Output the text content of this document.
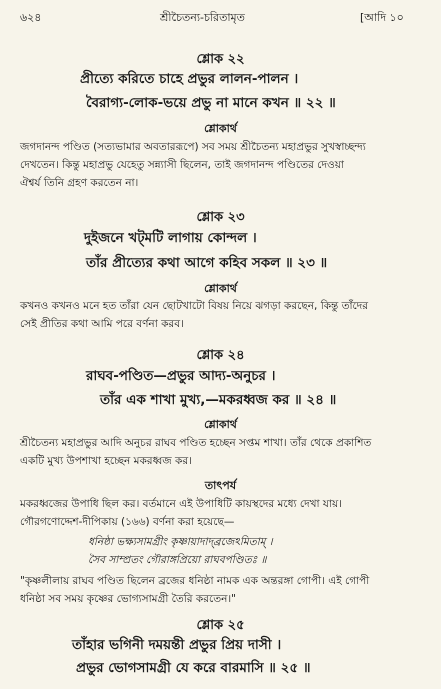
৬২৪	শ্রীচৈতন্য-চরিতামৃত	[আদি ১০
শ্লোক ২২
প্রীত্যে করিতে চাহে প্রভুর লালন-পালন ।
বৈরাগ্য-লোক-ভয়ে প্রভু না মানে কখন ॥ ২২ ॥
শ্লোকার্থ
জগদানন্দ পণ্ডিত (সত্যভামার অবতাররূপে) সব সময় শ্রীচৈতন্য মহাপ্রভুর সুখস্বাচ্ছন্দ্য
দেখতেন। কিন্তু মহাপ্রভু যেহেতু সন্ন্যাসী ছিলেন, তাই জগদানন্দ পণ্ডিতের দেওয়া
ঐশ্বর্য তিনি গ্রহণ করতেন না।
শ্লোক ২৩
দুইজনে খট্‌মটি লাগায় কোন্দল ।
তাঁর প্রীত্যের কথা আগে কহিব সকল ॥ ২৩ ॥
শ্লোকার্থ
কখনও কখনও মনে হত তাঁরা যেন ছোটখাটো বিষয় নিয়ে ঝগড়া করছেন, কিন্তু তাঁদের
সেই প্রীতির কথা আমি পরে বর্ণনা করব।
শ্লোক ২৪
রাঘব-পণ্ডিত—প্রভুর আদ্য-অনুচর ।
তাঁর এক শাখা মুখ্য,—মকরধ্বজ কর ॥ ২৪ ॥
শ্লোকার্থ
শ্রীচৈতন্য মহাপ্রভুর আদি অনুচর রাঘব পণ্ডিত হচ্ছেন সপ্তম শাখা। তাঁর থেকে প্রকাশিত
একটি মুখ্য উপশাখা হচ্ছেন মকরধ্বজ কর।
তাৎপর্য
মকরধ্বজের উপাধি ছিল কর। বর্তমানে এই উপাধিটি কায়স্থদের মধ্যে দেখা যায়।
গৌরগণোদ্দেশ-দীপিকায় (১৬৬) বর্ণনা করা হয়েছে—
ধনিষ্ঠা ভক্ষ্যসামগ্রীং কৃষ্ণায়াদাদ্‌ব্রজেঽমিতাম্ ।
সৈব সাম্প্রতং গৌরাঙ্গপ্রিয়ো রাঘবপণ্ডিতঃ ॥
"কৃষ্ণলীলায় রাঘব পণ্ডিত ছিলেন ব্রজের ধনিষ্ঠা নামক এক অন্তরঙ্গা গোপী। এই গোপী
ধনিষ্ঠা সব সময় কৃষ্ণের ভোগ্যসামগ্রী তৈরি করতেন।"
শ্লোক ২৫
তাঁহার ভগিনী দময়ন্তী প্রভুর প্রিয় দাসী ।
প্রভুর ভোগসামগ্রী যে করে বারমাসি ॥ ২৫ ॥
